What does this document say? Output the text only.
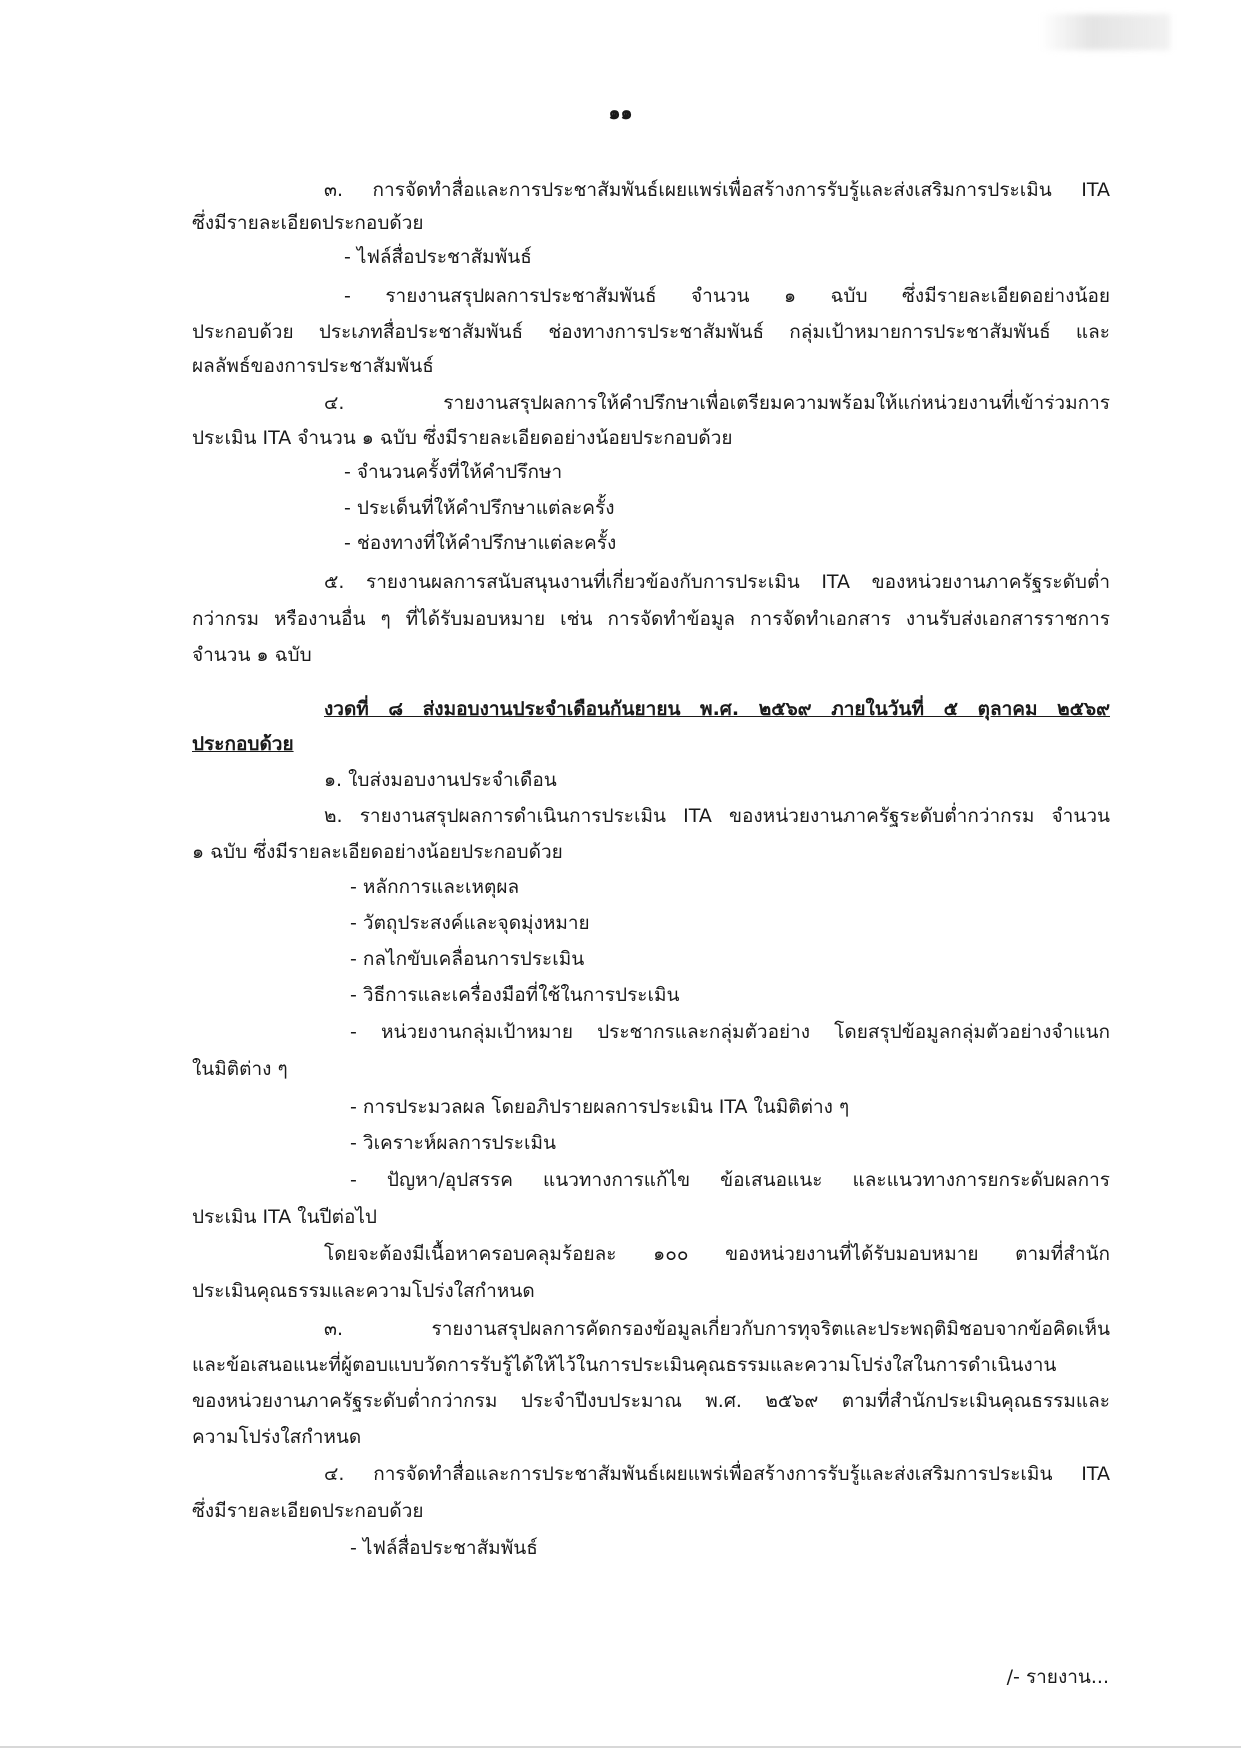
๑๑
๓. การจัดทำสื่อและการประชาสัมพันธ์เผยแพร่เพื่อสร้างการรับรู้และส่งเสริมการประเมิน ITA
ซึ่งมีรายละเอียดประกอบด้วย
- ไฟล์สื่อประชาสัมพันธ์
- รายงานสรุปผลการประชาสัมพันธ์ จำนวน ๑ ฉบับ ซึ่งมีรายละเอียดอย่างน้อย
ประกอบด้วย ประเภทสื่อประชาสัมพันธ์ ช่องทางการประชาสัมพันธ์ กลุ่มเป้าหมายการประชาสัมพันธ์ และ
ผลลัพธ์ของการประชาสัมพันธ์
๔. รายงานสรุปผลการให้คำปรึกษาเพื่อเตรียมความพร้อมให้แก่หน่วยงานที่เข้าร่วมการ
ประเมิน ITA จำนวน ๑ ฉบับ ซึ่งมีรายละเอียดอย่างน้อยประกอบด้วย
- จำนวนครั้งที่ให้คำปรึกษา
- ประเด็นที่ให้คำปรึกษาแต่ละครั้ง
- ช่องทางที่ให้คำปรึกษาแต่ละครั้ง
๕. รายงานผลการสนับสนุนงานที่เกี่ยวข้องกับการประเมิน ITA ของหน่วยงานภาครัฐระดับต่ำ
กว่ากรม หรืองานอื่น ๆ ที่ได้รับมอบหมาย เช่น การจัดทำข้อมูล การจัดทำเอกสาร งานรับส่งเอกสารราชการ
จำนวน ๑ ฉบับ
งวดที่ ๘ ส่งมอบงานประจำเดือนกันยายน พ.ศ. ๒๕๖๙ ภายในวันที่ ๕ ตุลาคม ๒๕๖๙
ประกอบด้วย
๑. ใบส่งมอบงานประจำเดือน
๒. รายงานสรุปผลการดำเนินการประเมิน ITA ของหน่วยงานภาครัฐระดับต่ำกว่ากรม จำนวน
๑ ฉบับ ซึ่งมีรายละเอียดอย่างน้อยประกอบด้วย
- หลักการและเหตุผล
- วัตถุประสงค์และจุดมุ่งหมาย
- กลไกขับเคลื่อนการประเมิน
- วิธีการและเครื่องมือที่ใช้ในการประเมิน
- หน่วยงานกลุ่มเป้าหมาย ประชากรและกลุ่มตัวอย่าง โดยสรุปข้อมูลกลุ่มตัวอย่างจำแนก
ในมิติต่าง ๆ
- การประมวลผล โดยอภิปรายผลการประเมิน ITA ในมิติต่าง ๆ
- วิเคราะห์ผลการประเมิน
- ปัญหา/อุปสรรค แนวทางการแก้ไข ข้อเสนอแนะ และแนวทางการยกระดับผลการ
ประเมิน ITA ในปีต่อไป
โดยจะต้องมีเนื้อหาครอบคลุมร้อยละ ๑๐๐ ของหน่วยงานที่ได้รับมอบหมาย ตามที่สำนัก
ประเมินคุณธรรมและความโปร่งใสกำหนด
๓. รายงานสรุปผลการคัดกรองข้อมูลเกี่ยวกับการทุจริตและประพฤติมิชอบจากข้อคิดเห็น
และข้อเสนอแนะที่ผู้ตอบแบบวัดการรับรู้ได้ให้ไว้ในการประเมินคุณธรรมและความโปร่งใสในการดำเนินงาน
ของหน่วยงานภาครัฐระดับต่ำกว่ากรม ประจำปีงบประมาณ พ.ศ. ๒๕๖๙ ตามที่สำนักประเมินคุณธรรมและ
ความโปร่งใสกำหนด
๔. การจัดทำสื่อและการประชาสัมพันธ์เผยแพร่เพื่อสร้างการรับรู้และส่งเสริมการประเมิน ITA
ซึ่งมีรายละเอียดประกอบด้วย
- ไฟล์สื่อประชาสัมพันธ์
/- รายงาน...
